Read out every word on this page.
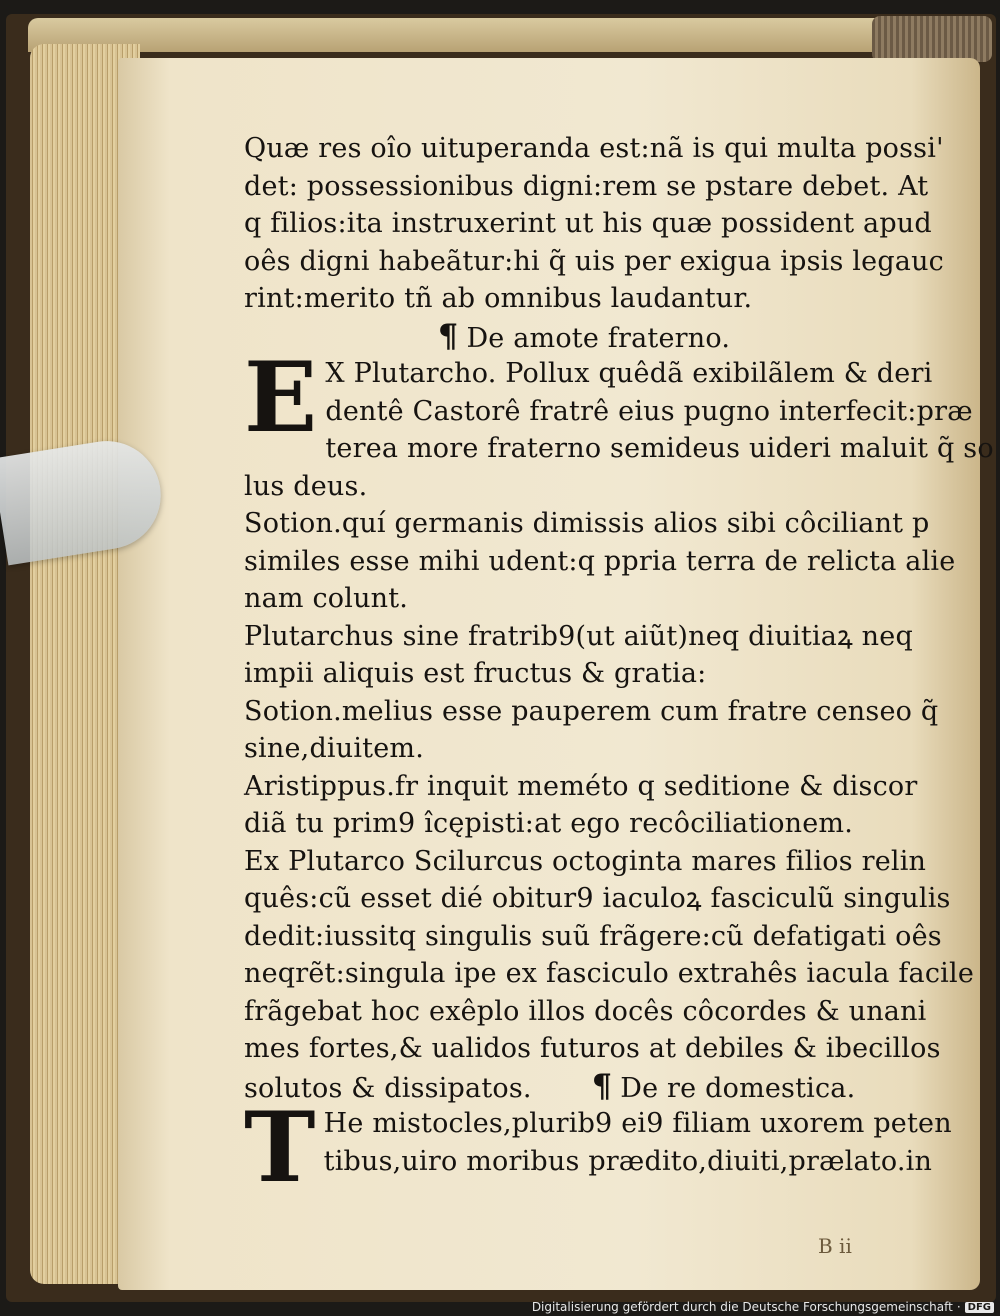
Quæ res oîo uituperanda est:nã is qui multa possi'
det: possessionibus digni:rem se pstare debet. At
q filios:ita instruxerint ut his quæ possident apud
oês digni habeãtur:hi q̃ uis per exigua ipsis legauc
rint:merito tñ ab omnibus laudantur.
¶ De amote fraterno.
E X Plutarcho. Pollux quêdã exibilãlem & deri
dentê Castorê fratrê eius pugno interfecit:præ
terea more fraterno semideus uideri maluit q̃ so
lus deus.
Sotion.quí germanis dimissis alios sibi côciliant p
similes esse mihi udent:q ppria terra de relicta alie
nam colunt.
Plutarchus sine fratrib9(ut aiũt)neq diuitiaꝝ neq
impii aliquis est fructus & gratia:
Sotion.melius esse pauperem cum fratre censeo q̃
sine,diuitem.
Aristippus.fr inquit meméto q seditione & discor
diã tu prim9 îcępisti:at ego recôciliationem.
Ex Plutarco Scilurcus octoginta mares filios relin
quês:cũ esset dié obitur9 iaculoꝝ fasciculũ singulis
dedit:iussitq singulis suũ frãgere:cũ defatigati oês
neqrẽt:singula ipe ex fasciculo extrahês iacula facile
frãgebat hoc exêplo illos docês côcordes & unani
mes fortes,& ualidos futuros at debiles & ibecillos
solutos & dissipatos. ¶ De re domestica.
T He mistocles,plurib9 ei9 filiam uxorem peten
tibus,uiro moribus prædito,diuiti,prælato.in
B ii
Digitalisierung gefördert durch die Deutsche Forschungsgemeinschaft · DFG
